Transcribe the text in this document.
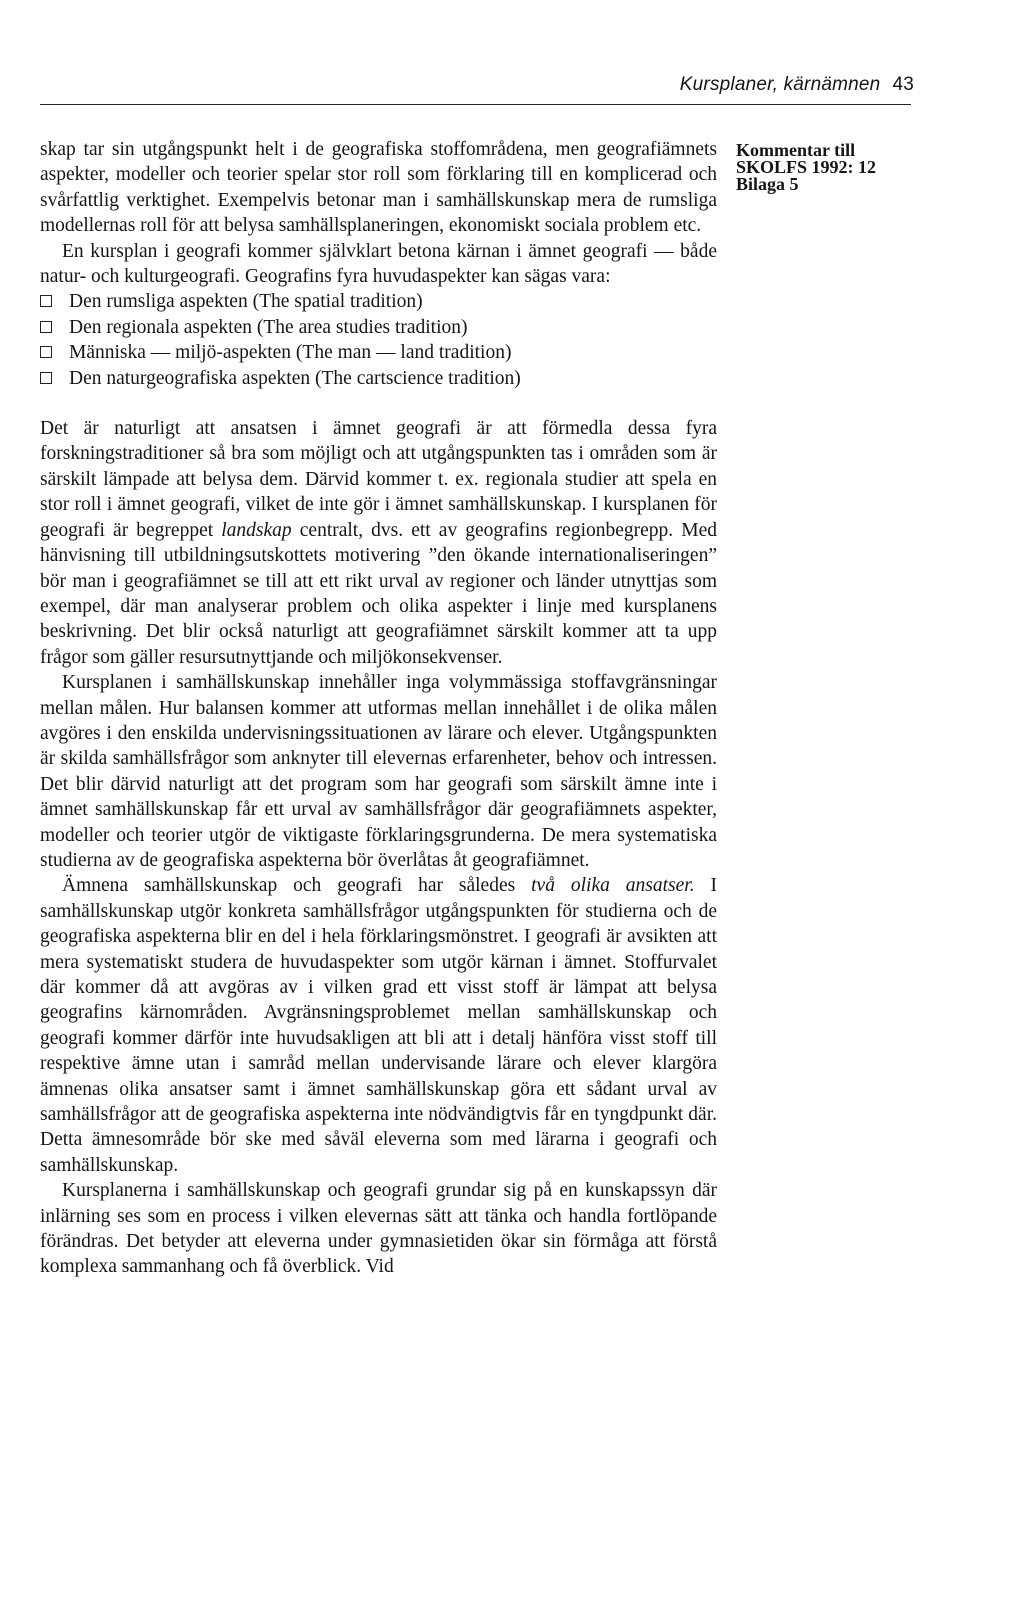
Kursplaner, kärnämnen 43
Kommentar till
SKOLFS 1992: 12
Bilaga 5

skap tar sin utgångspunkt helt i de geografiska stoffområdena, men geografiämnets aspekter, modeller och teorier spelar stor roll som förklaring till en komplicerad och svårfattlig verktighet. Exempelvis betonar man i samhällskunskap mera de rumsliga modellernas roll för att belysa samhällsplaneringen, ekonomiskt sociala problem etc.

En kursplan i geografi kommer självklart betona kärnan i ämnet geografi — både natur- och kulturgeografi. Geografins fyra huvudaspekter kan sägas vara:

Den rumsliga aspekten (The spatial tradition)
Den regionala aspekten (The area studies tradition)
Människa — miljö-aspekten (The man — land tradition)
Den naturgeografiska aspekten (The cartscience tradition)

Det är naturligt att ansatsen i ämnet geografi är att förmedla dessa fyra forskningstraditioner så bra som möjligt och att utgångspunkten tas i områden som är särskilt lämpade att belysa dem. Därvid kommer t. ex. regionala studier att spela en stor roll i ämnet geografi, vilket de inte gör i ämnet samhällskunskap. I kursplanen för geografi är begreppet landskap centralt, dvs. ett av geografins regionbegrepp. Med hänvisning till utbildningsutskottets motivering ”den ökande internationaliseringen” bör man i geografiämnet se till att ett rikt urval av regioner och länder utnyttjas som exempel, där man analyserar problem och olika aspekter i linje med kursplanens beskrivning. Det blir också naturligt att geografiämnet särskilt kommer att ta upp frågor som gäller resursutnyttjande och miljökonsekvenser.

Kursplanen i samhällskunskap innehåller inga volymmässiga stoffavgränsningar mellan målen. Hur balansen kommer att utformas mellan innehållet i de olika målen avgöres i den enskilda undervisningssituationen av lärare och elever. Utgångspunkten är skilda samhällsfrågor som anknyter till elevernas erfarenheter, behov och intressen. Det blir därvid naturligt att det program som har geografi som särskilt ämne inte i ämnet samhällskunskap får ett urval av samhällsfrågor där geografiämnets aspekter, modeller och teorier utgör de viktigaste förklaringsgrunderna. De mera systematiska studierna av de geografiska aspekterna bör överlåtas åt geografiämnet.

Ämnena samhällskunskap och geografi har således två olika ansatser. I samhällskunskap utgör konkreta samhällsfrågor utgångspunkten för studierna och de geografiska aspekterna blir en del i hela förklaringsmönstret. I geografi är avsikten att mera systematiskt studera de huvudaspekter som utgör kärnan i ämnet. Stoffurvalet där kommer då att avgöras av i vilken grad ett visst stoff är lämpat att belysa geografins kärnområden. Avgränsningsproblemet mellan samhällskunskap och geografi kommer därför inte huvudsakligen att bli att i detalj hänföra visst stoff till respektive ämne utan i samråd mellan undervisande lärare och elever klargöra ämnenas olika ansatser samt i ämnet samhällskunskap göra ett sådant urval av samhällsfrågor att de geografiska aspekterna inte nödvändigtvis får en tyngdpunkt där. Detta ämnesområde bör ske med såväl eleverna som med lärarna i geografi och samhällskunskap.

Kursplanerna i samhällskunskap och geografi grundar sig på en kunskapssyn där inlärning ses som en process i vilken elevernas sätt att tänka och handla fortlöpande förändras. Det betyder att eleverna under gymnasietiden ökar sin förmåga att förstå komplexa sammanhang och få överblick. Vid
